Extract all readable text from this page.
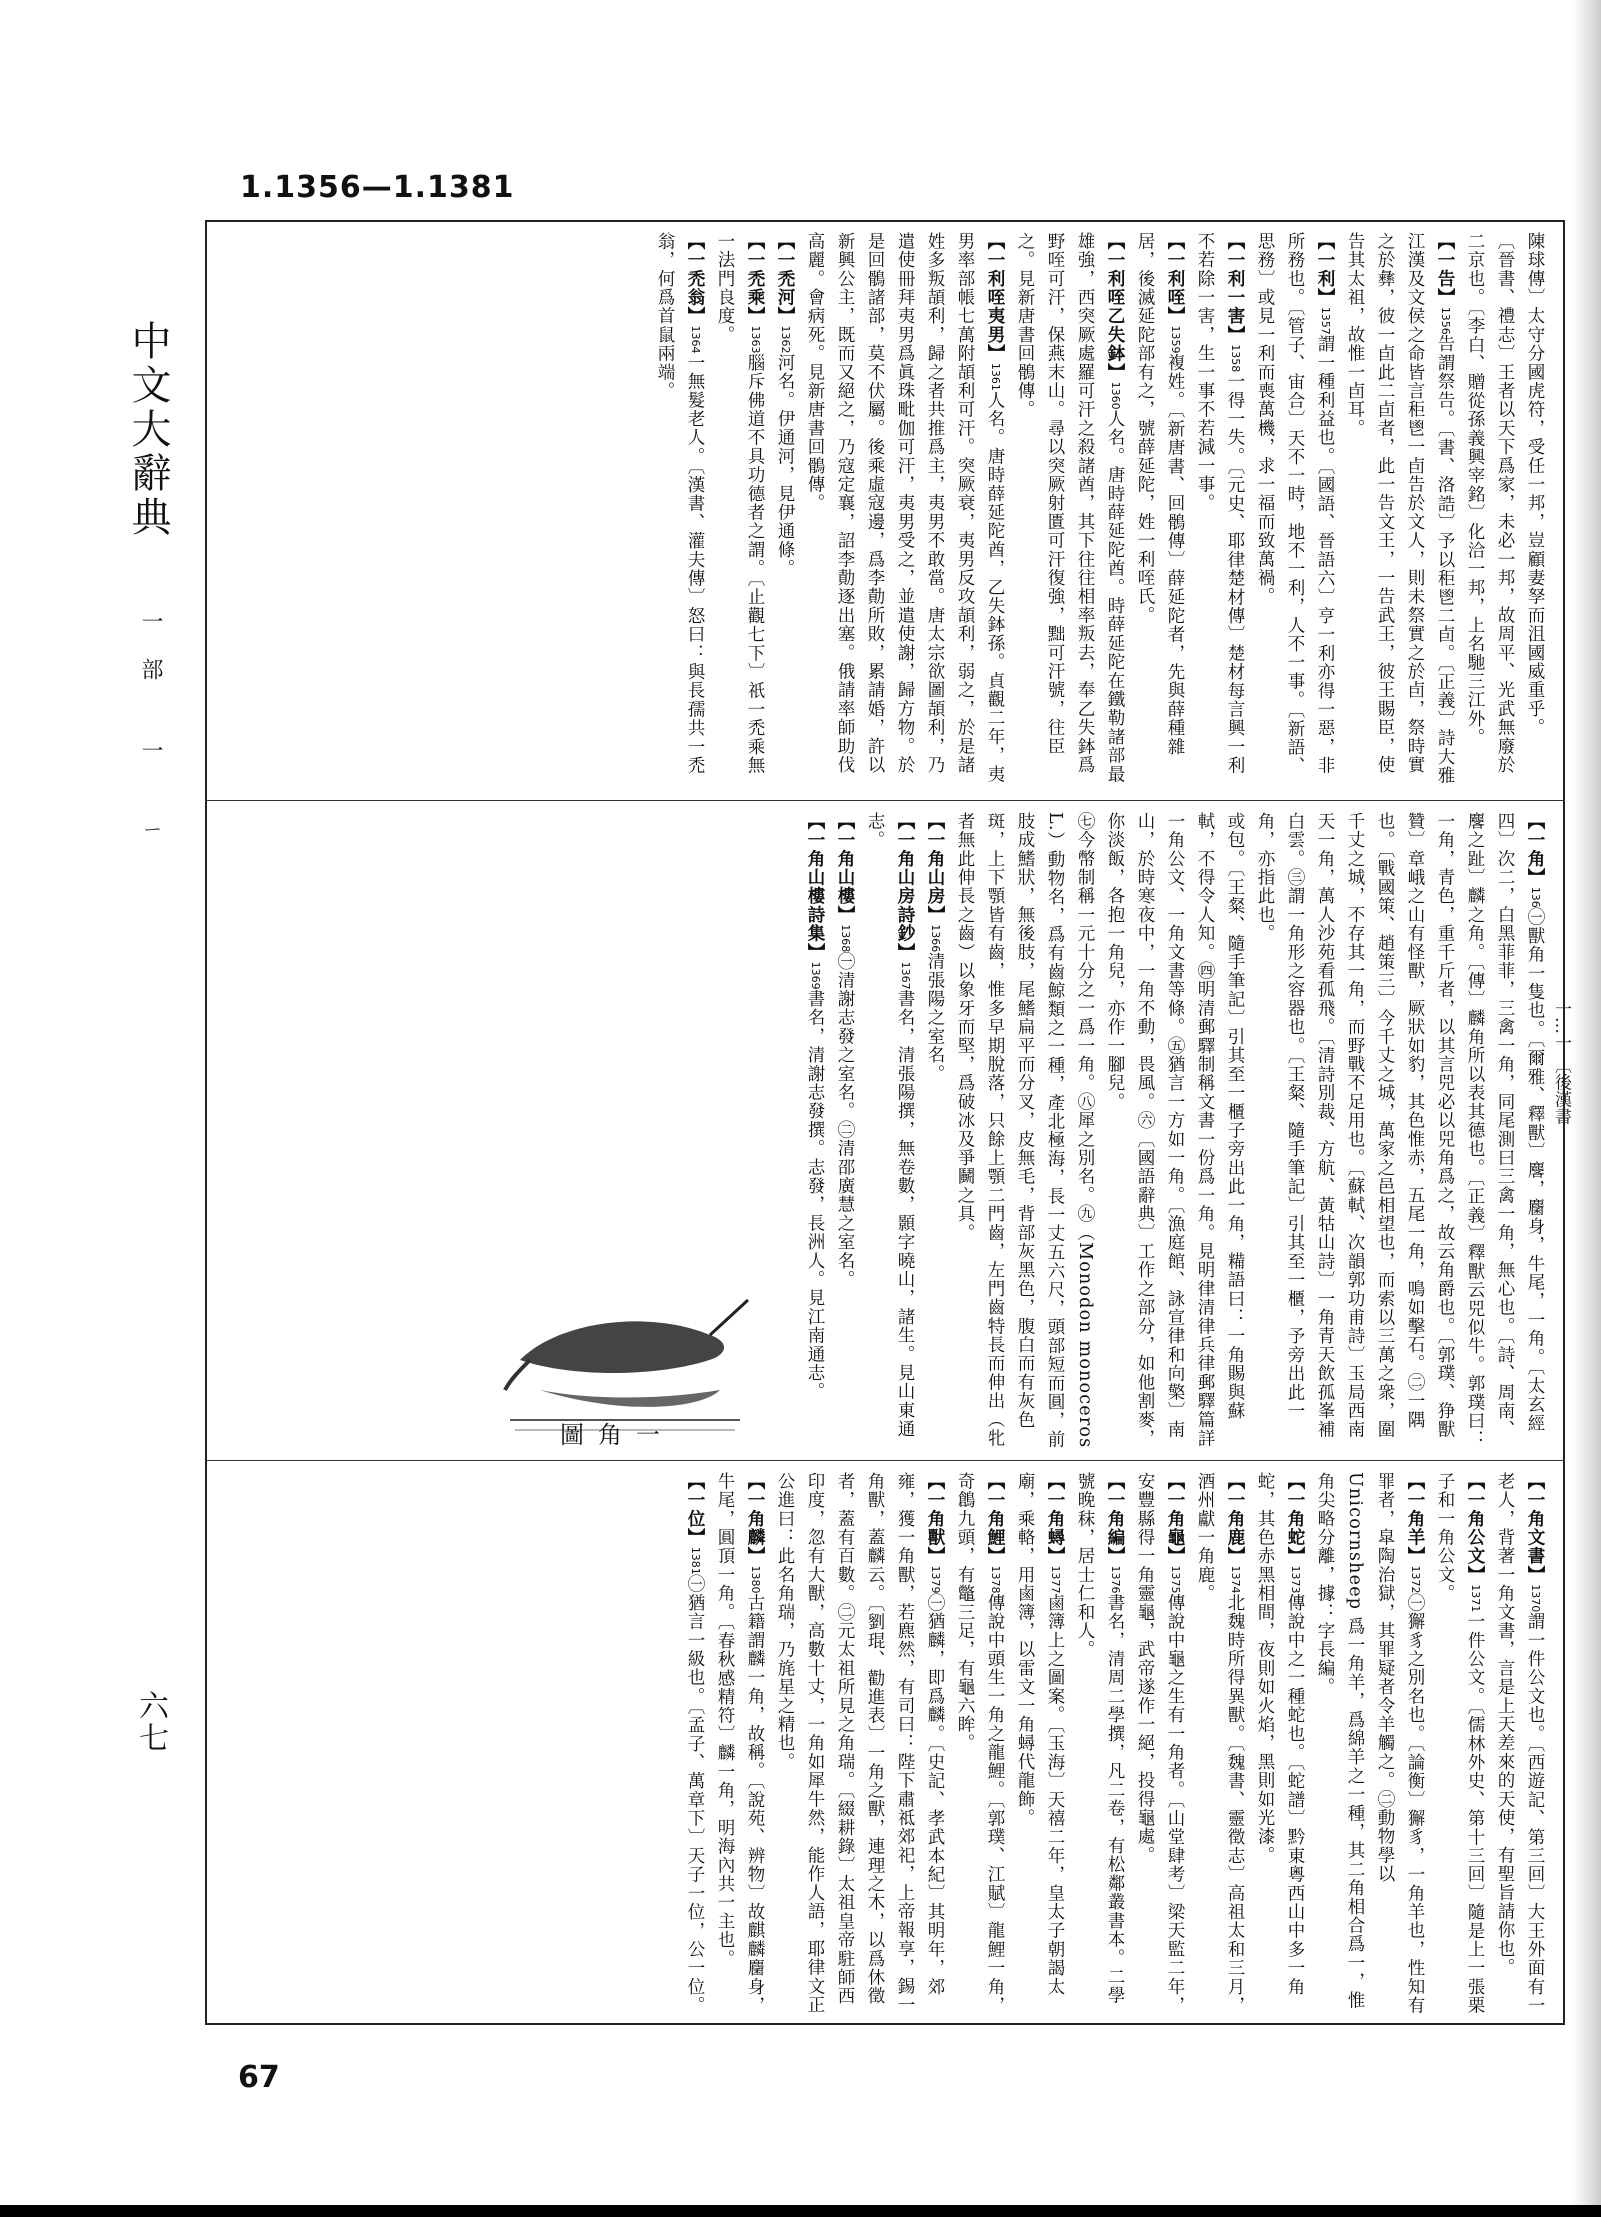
1.1356—1.1381
中文大辭典
一部 一 ㄧ
六七
陳球傳〕太守分國虎符，受任一邦，豈顧妻孥而沮國威重乎。
〔晉書、禮志〕王者以天下爲家，未必一邦，故周平、光武無廢於二京也。〔李白、贈從孫義興宰銘〕化洽一邦，上名馳三江外。
【一告】1356告謂祭告。〔書、洛誥〕予以秬鬯二卣。〔正義〕詩大雅江漢及文侯之命皆言秬鬯一卣告於文人，則未祭實之於卣，祭時實之於彝，彼一卣此二卣者，此一告文王，一告武王，彼王賜臣，使告其太祖，故惟一卣耳。
【一利】1357謂一種利益也。〔國語、晉語六〕亨一利亦得一惡，非所務也。〔管子、宙合〕天不一時，地不一利，人不一事。〔新語、思務〕或見一利而喪萬機，求一福而致萬禍。
【一利一害】1358一得一失。〔元史、耶律楚材傳〕楚材每言興一利不若除一害，生一事不若減一事。
【一利咥】1359複姓。〔新唐書、回鶻傳〕薛延陀者，先與薛種雜居，後滅延陀部有之，號薛延陀，姓一利咥氏。
【一利咥乙失鉢】1360人名。唐時薛延陀酋。時薛延陀在鐵勒諸部最雄強，西突厥處羅可汗之殺諸酋，其下往往相率叛去，奉乙失鉢爲野咥可汗，保燕末山。尋以突厥射匱可汗復強，黜可汗號，往臣之。見新唐書回鶻傳。
【一利咥夷男】1361人名。唐時薛延陀酋，乙失鉢孫。貞觀二年，夷男率部帳七萬附頡利可汗。突厥衰，夷男反攻頡利，弱之，於是諸姓多叛頡利，歸之者共推爲主，夷男不敢當。唐太宗欲圖頡利，乃遣使冊拜夷男爲眞珠毗伽可汗，夷男受之，並遣使謝，歸方物。於是回鶻諸部，莫不伏屬。後乘虛寇邊，爲李勣所敗，累請婚，許以新興公主，既而又絕之，乃寇定襄，詔李勣逐出塞。俄請率師助伐高麗。會病死。見新唐書回鶻傳。
【一禿河】1362河名。伊通河，見伊通條。
【一禿乘】1363腦斥佛道不具功德者之謂。〔止觀七下〕祇一禿乘無一法門良度。
【一禿翁】1364一無髮老人。〔漢書、灌夫傳〕怒曰：與長孺共一禿翁，何爲首鼠兩端。
【一角】136㊀獸角一隻也。〔爾雅、釋獸〕麐，麕身，牛尾，一角。〔太玄經四〕次二，白黑菲菲，三禽一角，同尾測曰三禽一角，無心也。〔詩、周南、麐之趾〕麟之角。〔傳〕麟角所以表其德也。〔正義〕釋獸云兕似牛。郭璞曰：一角，青色，重千斤者，以其言兕必以兕角爲之，故云角爵也。〔郭璞、狰獸贊〕章峨之山有怪獸，厥狀如豹，其色惟赤，五尾一角，鳴如擊石。㊁一隅也。〔戰國策、趙策三〕今千丈之城，萬家之邑相望也，而索以三萬之衆，圍千丈之城，不存其一角，而野戰不足用也。〔蘇軾、次韻郭功甫詩〕玉局西南天一角，萬人沙苑看孤飛。〔清詩別裁、方航、黃牯山詩〕一角青天飲孤峯補白雲。㊂謂一角形之容器也。〔王粲、隨手筆記〕引其至一櫃，予旁出此一角，亦指此也。
或包。〔王粲、隨手筆記〕引其至一櫃子旁出此一角，糒語曰：一角賜與蘇軾，不得令人知。㊃明清郵驛制稱文書一份爲一角。見明律清律兵律郵驛篇詳一角公文、一角文書等條。㊄猶言一方如一角。〔漁庭館、詠宣律和向檠〕南山，於時寒夜中，一角不動，畏風。㊅〔國語辭典〕工作之部分，如他割麥，你淡飯，各抱一角兒，亦作一腳兒。
㊆今幣制稱一元十分之一爲一角。㊇犀之別名。㊈（Monodon monoceros L.）動物名，爲有齒鯨類之一種，產北極海，長一丈五六尺，頭部短而圓，前肢成鰭狀，無後肢，尾鰭扁平而分叉，皮無毛，背部灰黑色，腹白而有灰色斑，上下顎皆有齒，惟多早期脫落，只餘上顎二門齒，左門齒特長而伸出（牝者無此伸長之齒）以象牙而堅，爲破冰及爭鬭之具。
【一角山房】1366清張陽之室名。
【一角山房詩鈔】1367書名，清張陽撰，無卷數，顥字曉山，諸生。見山東通志。
【一角山樓】1368㊀清謝志發之室名。㊁清邵廣慧之室名。
【一角山樓詩集】1369書名，清謝志發撰。志發，長洲人。見江南通志。
圖角一
【一角文書】1370謂一件公文也。〔西遊記、第三回〕大王外面有一老人，背著一角文書，言是上天差來的天使，有聖旨請你也。
【一角公文】1371一件公文。〔儒林外史、第十三回〕隨是上一張栗子和一角公文。
【一角羊】1372㊀獬豸之別名也。〔論衡〕獬豸，一角羊也，性知有罪者，皐陶治獄，其罪疑者令羊觸之。㊁動物學以 Unicornsheep 爲一角羊，爲綿羊之一種，其二角相合爲一，惟角尖略分離，據：字長編。
【一角蛇】1373傳說中之一種蛇也。〔蛇譜〕黔東粵西山中多一角蛇，其色赤黑相間，夜則如火焰，黑則如光漆。
【一角鹿】1374北魏時所得異獸。〔魏書、靈徵志〕高祖太和三月，酒州獻一角鹿。
【一角龜】1375傳說中龜之生有一角者。〔山堂肆考〕梁天監二年，安豐縣得一角靈龜，武帝遂作一絕，投得龜處。
【一角編】1376書名，清周二學撰，凡二卷，有松鄰叢書本。二學號晚秣，居士仁和人。
【一角蟳】1377鹵簿上之圖案。〔玉海〕天禧二年，皇太子朝謁太廟，乘輅，用鹵簿，以雷文一角蟳代龍飾。
【一角鯉】1378傳說中頭生一角之龍鯉。〔郭璞、江賦〕龍鯉一角，奇鶬九頭，有鼈三足，有龜六眸。
【一角獸】1379㊀猶麟，即爲麟。〔史記、孝武本紀〕其明年，郊雍，獲一角獸，若麃然，有司曰：陛下肅祗郊祀，上帝報享，錫一角獸，蓋麟云。〔劉琨、勸進表〕一角之獸，連理之木，以爲休徵者，蓋有百數。㊁元太祖所見之角瑞。〔綴耕錄〕太祖皇帝駐師西印度，忽有大獸，高數十丈，一角如犀牛然，能作人語，耶律文正公進曰：此名角瑞，乃旄星之精也。
【一角麟】1380古籍謂麟一角，故稱。〔說苑、辨物〕故麒麟麕身，牛尾，圓頂一角。〔春秋感精符〕麟一角，明海內共一主也。
【一位】1381㊀猶言一級也。〔孟子、萬章下〕天子一位，公一位。
一…一 〔後漢書
67
